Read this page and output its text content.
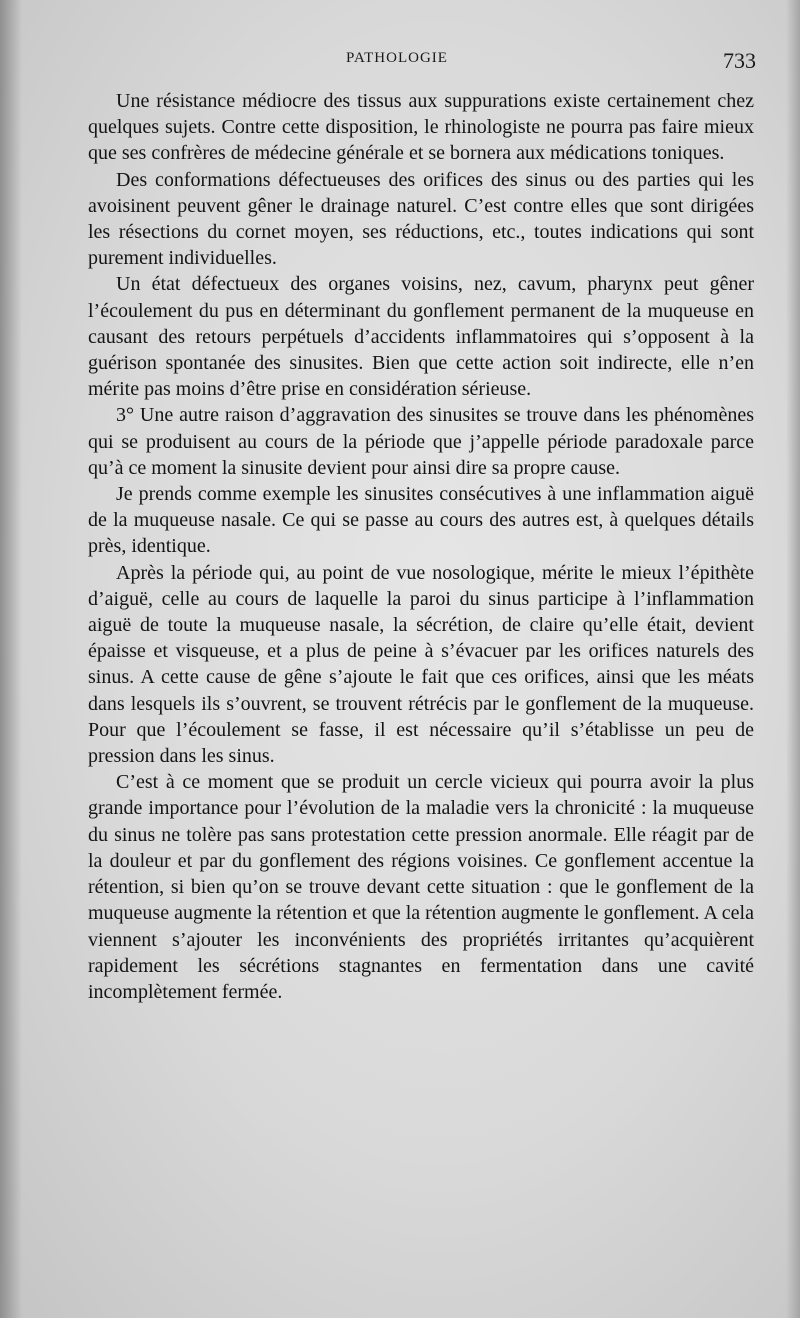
PATHOLOGIE	733

Une résistance médiocre des tissus aux suppurations existe certainement chez quelques sujets. Contre cette disposition, le rhinologiste ne pourra pas faire mieux que ses confrères de médecine générale et se bornera aux médications toniques.

Des conformations défectueuses des orifices des sinus ou des parties qui les avoisinent peuvent gêner le drainage naturel. C’est contre elles que sont dirigées les résections du cornet moyen, ses réductions, etc., toutes indications qui sont purement individuelles.

Un état défectueux des organes voisins, nez, cavum, pharynx peut gêner l’écoulement du pus en déterminant du gonflement permanent de la muqueuse en causant des retours perpétuels d’accidents inflammatoires qui s’opposent à la guérison spontanée des sinusites. Bien que cette action soit indirecte, elle n’en mérite pas moins d’être prise en considération sérieuse.

3° Une autre raison d’aggravation des sinusites se trouve dans les phénomènes qui se produisent au cours de la période que j’appelle période paradoxale parce qu’à ce moment la sinusite devient pour ainsi dire sa propre cause.

Je prends comme exemple les sinusites consécutives à une inflammation aiguë de la muqueuse nasale. Ce qui se passe au cours des autres est, à quelques détails près, identique.

Après la période qui, au point de vue nosologique, mérite le mieux l’épithète d’aiguë, celle au cours de laquelle la paroi du sinus participe à l’inflammation aiguë de toute la muqueuse nasale, la sécrétion, de claire qu’elle était, devient épaisse et visqueuse, et a plus de peine à s’évacuer par les orifices naturels des sinus. A cette cause de gêne s’ajoute le fait que ces orifices, ainsi que les méats dans lesquels ils s’ouvrent, se trouvent rétrécis par le gonflement de la muqueuse. Pour que l’écoulement se fasse, il est nécessaire qu’il s’établisse un peu de pression dans les sinus.

C’est à ce moment que se produit un cercle vicieux qui pourra avoir la plus grande importance pour l’évolution de la maladie vers la chronicité : la muqueuse du sinus ne tolère pas sans protestation cette pression anormale. Elle réagit par de la douleur et par du gonflement des régions voisines. Ce gonflement accentue la rétention, si bien qu’on se trouve devant cette situation : que le gonflement de la muqueuse augmente la rétention et que la rétention augmente le gonflement. A cela viennent s’ajouter les inconvénients des propriétés irritantes qu’acquièrent rapidement les sécrétions stagnantes en fermentation dans une cavité incomplètement fermée.
